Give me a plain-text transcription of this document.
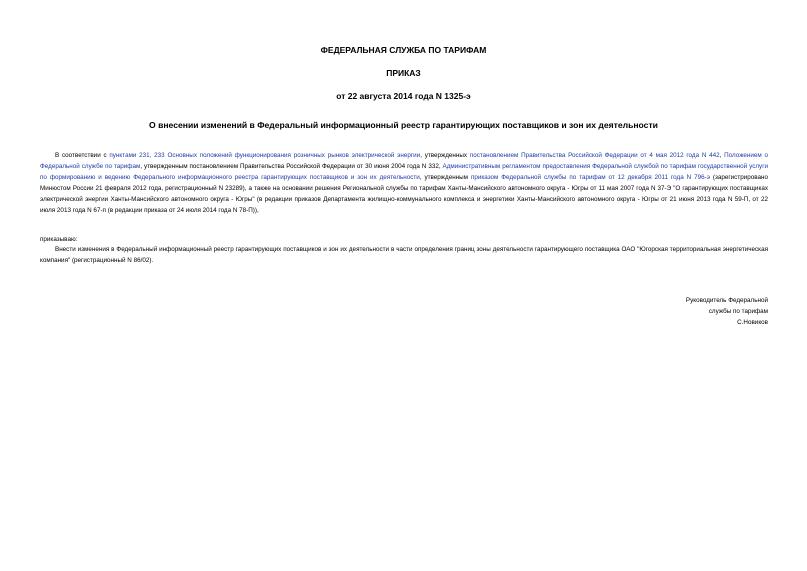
ФЕДЕРАЛЬНАЯ СЛУЖБА ПО ТАРИФАМ

ПРИКАЗ

от 22 августа 2014 года N 1325-э

О внесении изменений в Федеральный информационный реестр гарантирующих поставщиков и зон их деятельности

В соответствии с пунктами 231, 233 Основных положений функционирования розничных рынков электрической энергии, утвержденных постановлением Правительства Российской Федерации от 4 мая 2012 года N 442, Положением о Федеральной службе по тарифам, утвержденным постановлением Правительства Российской Федерации от 30 июня 2004 года N 332, Административным регламентом предоставления Федеральной службой по тарифам государственной услуги по формированию и ведению Федерального информационного реестра гарантирующих поставщиков и зон их деятельности, утвержденным приказом Федеральной службы по тарифам от 12 декабря 2011 года N 796-э (зарегистрировано Минюстом России 21 февраля 2012 года, регистрационный N 23289), а также на основании решения Региональной службы по тарифам Ханты-Мансийского автономного округа - Югры от 11 мая 2007 года N 37-Э "О гарантирующих поставщиках электрической энергии Ханты-Мансийского автономного округа - Югры" (в редакции приказов Департамента жилищно-коммунального комплекса и энергетики Ханты-Мансийского автономного округа - Югры от 21 июня 2013 года N 59-П, от 22 июля 2013 года N 67-п (в редакции приказа от 24 июля 2014 года N 78-П)),

приказываю:

Внести изменения в Федеральный информационный реестр гарантирующих поставщиков и зон их деятельности в части определения границ зоны деятельности гарантирующего поставщика ОАО "Югорская территориальная энергетическая компания" (регистрационный N 86/02).

Руководитель Федеральной

службы по тарифам

С.Новиков
